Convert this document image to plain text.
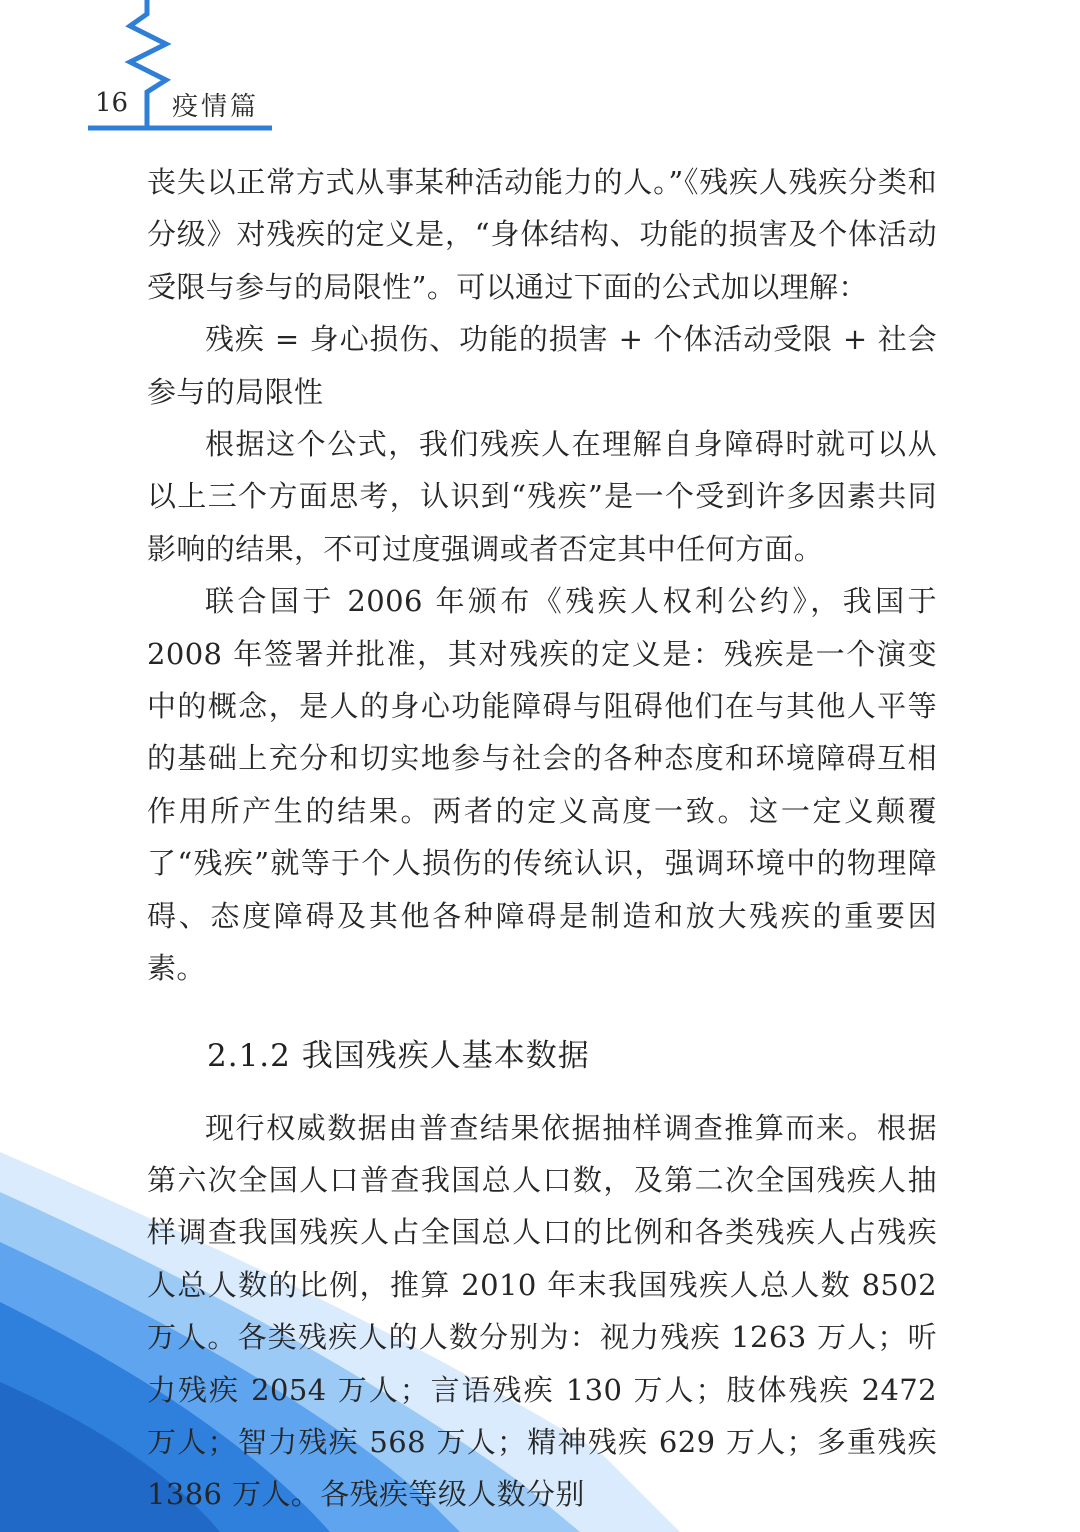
16 疫情篇

丧失以正常方式从事某种活动能力的人。”《残疾人残疾分类和分级》对残疾的定义是，“身体结构、功能的损害及个体活动受限与参与的局限性”。可以通过下面的公式加以理解：

残疾 = 身心损伤、功能的损害 + 个体活动受限 + 社会参与的局限性

根据这个公式，我们残疾人在理解自身障碍时就可以从以上三个方面思考，认识到“残疾”是一个受到许多因素共同影响的结果，不可过度强调或者否定其中任何方面。

联合国于 2006 年颁布《残疾人权利公约》，我国于 2008 年签署并批准，其对残疾的定义是：残疾是一个演变中的概念，是人的身心功能障碍与阻碍他们在与其他人平等的基础上充分和切实地参与社会的各种态度和环境障碍互相作用所产生的结果。两者的定义高度一致。这一定义颠覆了“残疾”就等于个人损伤的传统认识，强调环境中的物理障碍、态度障碍及其他各种障碍是制造和放大残疾的重要因素。

2.1.2 我国残疾人基本数据

现行权威数据由普查结果依据抽样调查推算而来。根据第六次全国人口普查我国总人口数，及第二次全国残疾人抽样调查我国残疾人占全国总人口的比例和各类残疾人占残疾人总人数的比例，推算 2010 年末我国残疾人总人数 8502 万人。各类残疾人的人数分别为：视力残疾 1263 万人；听力残疾 2054 万人；言语残疾 130 万人；肢体残疾 2472 万人；智力残疾 568 万人；精神残疾 629 万人；多重残疾 1386 万人。各残疾等级人数分别
